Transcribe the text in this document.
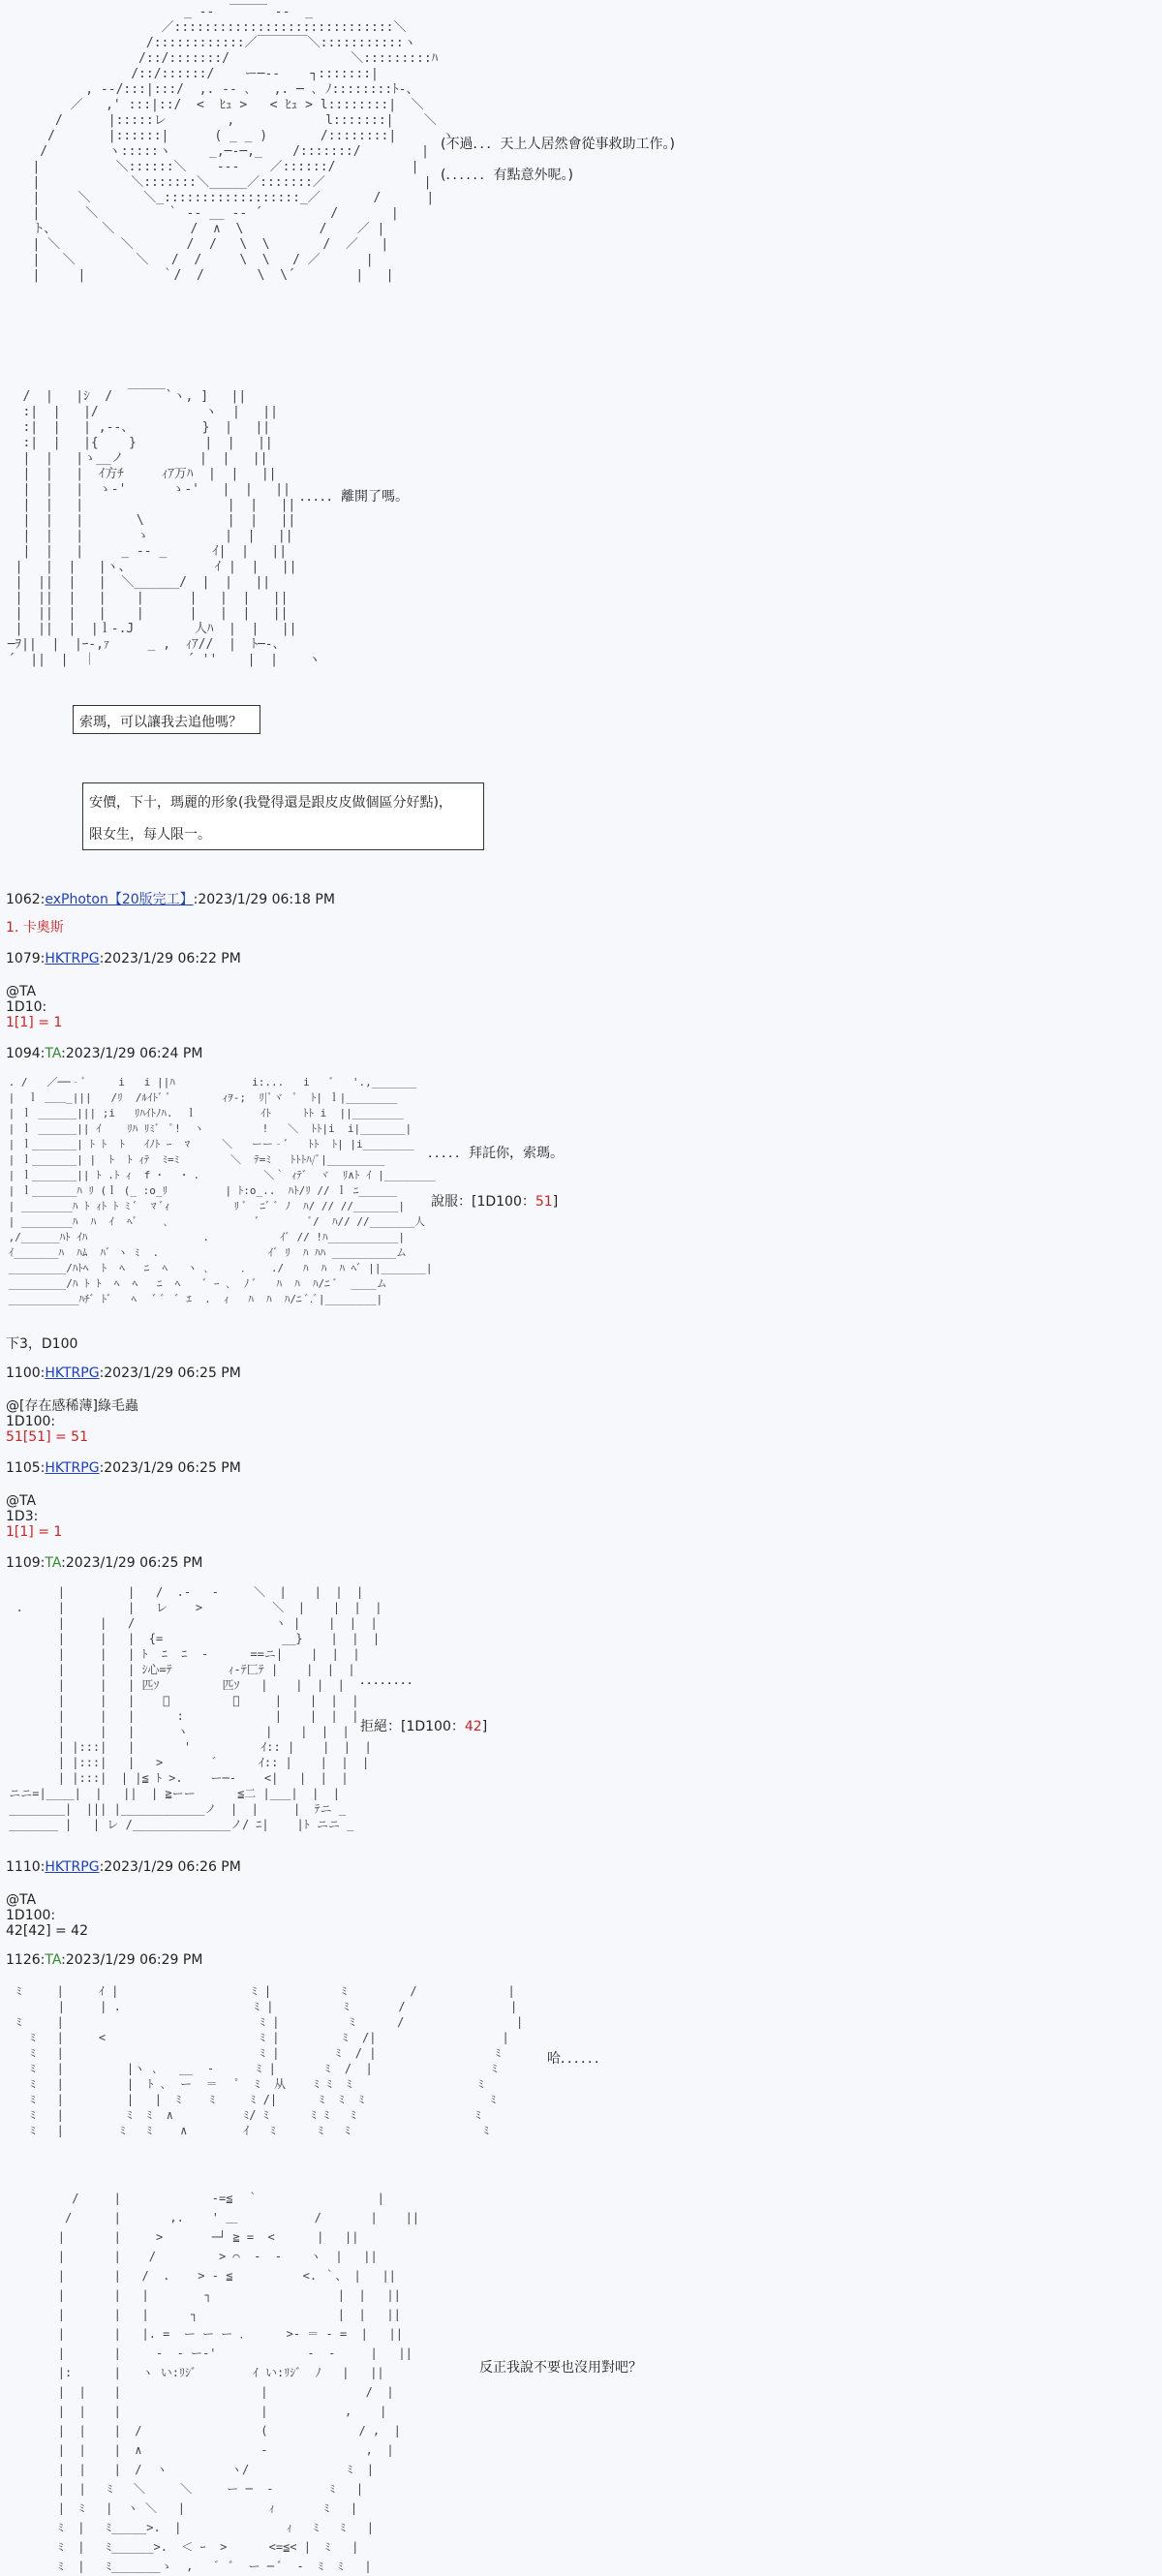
_ -‐  ￣￣￣ ‐-  _
／:::::::::::::::::::::::::::::＼
/::::::::::::／￣￣￣￣＼:::::::::::ヽ
/::/:::::::/                ＼:::::::::ﾊ
/::/::::::/    ー─‐‐    ┐:::::::|
, -‐/:::|:::/  ,. -‐ ､   ,. ─ ､ ﾉ::::::::ﾄ-、
／   ,' :::|::/  <  ﾋｭ >   < ﾋｭ > l::::::::|  ＼
/      |:::::レ        ,            l:::::::|    ＼
/       |::::::|      ( _ _ )       /::::::::|      ヽ
/        ヽ:::::ヽ     _,─-─,_    /:::::::/        |
|          ＼::::::＼    ‐-‐    ／::::::/          |
|            ＼:::::::＼_____／:::::::／             |
|     ＼       ＼_::::::::::::::::::_／       /      |
|      ＼         ｀ ‐- __ -‐ ´         /       |
ト、      ＼          /  ∧  \          /    ／ |
| ＼        ＼       /  /   \  \       /  ／   |
|   ＼        ＼   /  /     \  \   / ／      |
|     |          ｀/  /       \  \´        |   |
(不過．．．天上人居然會從事救助工作。)
(．．．．．．有點意外呢。)
/  |   |ｼ  /  ￣￣￣`ヽ, ]   ||
:|  |   |/              ヽ  |   ||
:|  |   | ,‐‐、         }  |   ||
:|  |   |{    }         |  |   ||
|  |   |ゝ__ノ          |  |   ||
|  |   |  ｲ方ﾁ     ｨｱ万ﾊ  |  |   ||
|  |   |  ゝ-'      ゝ-'   |  |   ||
|  |   |                   |  |   ||
|  |   |       \           |  |   ||
|  |   |       ゝ          |  |   ||
|  |   |     _ -‐ _      ｲ|  |   ||
|   |  |   |ヽ、           ｲ |  |   ||
|  ||  |   |  ＼______/  |  |   ||
|  ||  |   |    |      |   |  |   ||
|  ||  |   |    |      |   |  |   ||
|  ||  |  |ｌ-.J        人ﾊ  |  |   ||
─ｦ||  |  |ｰ-,ｧ     _ ,  ｨｱ//  |  ﾄ─-、
´  ||  |  ｜            ´ ''    |  |    ヽ
．．．．．離開了嗎。
索瑪，可以讓我去追他嗎？
安價，下十，瑪麗的形象(我覺得還是跟皮皮做個區分好點)，
限女生，每人限一。
1062:exPhoton【20版完工】:2023/1/29 06:18 PM
1. 卡奧斯
1079:HKTRPG:2023/1/29 06:22 PM
@TA
1D10:
1[1] = 1
1094:TA:2023/1/29 06:24 PM
. /   ／──‐ﾞ     i   i ||ﾊ            i:...   i   ゛  '.,_______
|  ｌ ＿＿_|||   /ﾘ  /ﾙｲﾄﾞ ﾟ        ｨｦ-;  ﾘ|ﾟヾ  ﾟ  ﾄ| ｌ|________
| ｌ ______||| ;i   ﾘﾊｲﾄﾉﾊ.  ｌ          ｲﾄ     ﾄﾄ i  ||________
| ｌ ______|| ｲ    ﾘﾊ ﾘﾐﾞ  ﾟ!  ヽ         !   ＼  ﾄﾄ|i  i|_______|
| ｌ_______| ﾄ ﾄ  ﾄ   ｲﾉﾄ ｰ  ﾏ     ＼   ーー‐ﾞ   ﾄﾄ  ﾄ| |i________
| ｌ_______| |  ﾄ  ﾄ ｨﾃ  ﾐ=ﾐ        ＼  ﾃ=ﾐ   ﾄﾄﾄﾊ/ﾞ|_________
| ｌ_______|| ﾄ .ﾄ ｨ  f ･   ･ .          ＼｀ ｨﾃ゛ ヾ  ﾘ∧ﾄ ｲ |________
| ｌ_______ﾊ ﾘ (ｌ (_ :o_ﾘ         | ﾄ:o_..  ﾊﾄ/ﾘ // ｌ ﾆ______
| ________ﾊ ﾄ ｨﾄ ﾄ ﾐ ﾞ  ﾏ ﾞｨ          ﾘ ﾞ  ﾆﾞ ﾞ ﾉ  ﾊ/ // //_______|
| ________ﾊ  ﾊ  ｲ  ﾍﾞ    ､              ﾞ        ﾞ/  ﾊ// //_______人
,/______ﾊﾄ ｲﾊ                  .           ｲﾞ // !ﾊ___________|
ｲ_______ﾊ  ﾊﾑ  ﾊﾞ ヽ ﾐ  .                 ｲﾞ ﾘ  ﾊ ﾊﾊ __________ム
_________/ﾊﾄﾍ  ﾄ  ﾍ   ﾆ  ﾍ   ヽ ､     ．   ./   ﾊ  ﾊ  ﾊ ﾍﾞ ||_______|
_________/ﾊ ﾄ ﾄ  ﾍ  ﾍ   ﾆ  ﾍ    ﾞ ｰ ､  ﾉ ﾞ   ﾊ  ﾊ  ﾊ/ﾆ ﾞ  ____ム
___________ﾊﾁﾞ ﾄﾞ   ﾍ   ﾞ ﾞ  ﾞ ｴ  .  ｨ   ﾊ  ﾊ  ﾊ/ﾆ ﾞ.ﾞ|________|
．．．．．拜託你，索瑪。
說服：[1D100：51]
下3，D100
1100:HKTRPG:2023/1/29 06:25 PM
@[存在感稀薄]綠毛蟲
1D100:
51[51] = 51
1105:HKTRPG:2023/1/29 06:25 PM
@TA
1D3:
1[1] = 1
1109:TA:2023/1/29 06:25 PM
|         |   /  .-   -     ＼  |    |  |  |
.     |         |   レ    >          ＼  |    |  |  |
|     |   /                    ヽ |    |  |  |
|     |   |  {=                 __}    |  |  |
|     |   | ﾄ  ﾆ  ﾆ  -      ==ニ|    |  |  |
|     |   | ｼ心=ﾃ        ｨ-ﾃ匚ﾃ |    |  |  |
|     |   | 匹ｿ         匹ｿ   |    |  |  |
|     |   |    ﾞ         ﾞ     |    |  |  |
|     |   |      :             |    |  |  |
|     |   |      ヽ           |    |  |  |
| |:::|   |       '          ｲ:: |    |  |  |
| |:::|   |   >       ゛     ｲ:: |    |  |  |
| |:::|  | |≦ ﾄ >.    ー─‐    <|   |  |  |
ニニ=|____|  |   ||  | ≧ーー      ≦二 |___|  |  |
________|  ||| |____________ノ  |  |     |  ﾃニ _
_______ |   | レ /______________ノ/ ﾆ|    |ﾄ ニニ _
．．．．．．．．
拒絕：[1D100：42]
1110:HKTRPG:2023/1/29 06:26 PM
@TA
1D100:
42[42] = 42
1126:TA:2023/1/29 06:29 PM
ﾐ     |     ｲ |                   ﾐ |          ﾐ         /             |
|     | .                   ﾐ |          ﾐ       /               |
ﾐ     |                            ﾐ |          ﾐ      /                |
ﾐ   |     <                      ﾐ |         ﾐ  /|                  |
ﾐ   |                            ﾐ |        ﾐ  / |                 ﾐ
ﾐ   |         |ヽ ､   __  -      ﾐ |       ﾐ  /  |                 ﾐ
ﾐ   |         |  ﾄ ､  ー  ＝   ﾟ  ﾐ  从    ﾐ ﾐ  ﾐ                  ﾐ
ﾐ   |         |   |  ﾐ    ﾐ     ﾐ /|      ﾐ  ﾐ  ﾐ                  ﾐ
ﾐ   |         ﾐ  ﾐ  ∧          ﾐ/ ﾐ      ﾐ ﾐ   ﾐ                 ﾐ
ﾐ   |        ﾐ   ﾐ    ∧        ｲ   ﾐ      ﾐ   ﾐ                   ﾐ
哈．．．．．．
/     |             ‐=≦  ｀                 |
/      |       ,.    ' ＿           /       |    ||
|       |     >       ─┘ ≧ =  <      |   ||
|       |    /         > ⌒  ‐  ‐    ヽ  |   ||
|       |   /  .    > ‐ ≦          <. ｀、 |   ||
|       |   |        ┐                  |  |   ||
|       |   |      ┐                    |  |   ||
|       |   |. =  ー ー ー ．     >‐ ＝ ‐ =  |   ||
|       |     ‐  ‐ ー‐'             ‐  ‐     |   ||
|:      |   ヽ い:ﾘｼﾞ        ｲ い:ﾘｼﾞ  ﾉ   |   ||
|  |    |                    |              /  |
|  |    |                    |           ,    |
|  |    |  /                 (             / ,  |
|  |    |  ∧                 ‐              ,  |
|  |    |  /  ヽ         ヽ/              ﾐ  |
|  |   ﾐ   ＼     ＼     ー ─  ‐        ﾐ   |
|  ﾐ   |  ヽ ＼   |            ｨ       ﾐ   |
ﾐ  |   ﾐ_____>.  |               ｨ   ﾐ   ﾐ   |
ﾐ  |   ﾐ______>.  ＜ ｰ  >      <=≦< |  ﾐ   |
ﾐ  |   ﾐ_______ゝ  ,   ゛ ﾞ  ー ─ ﾞ  ‐  ﾐ  ﾐ   |
反正我說不要也沒用對吧？
